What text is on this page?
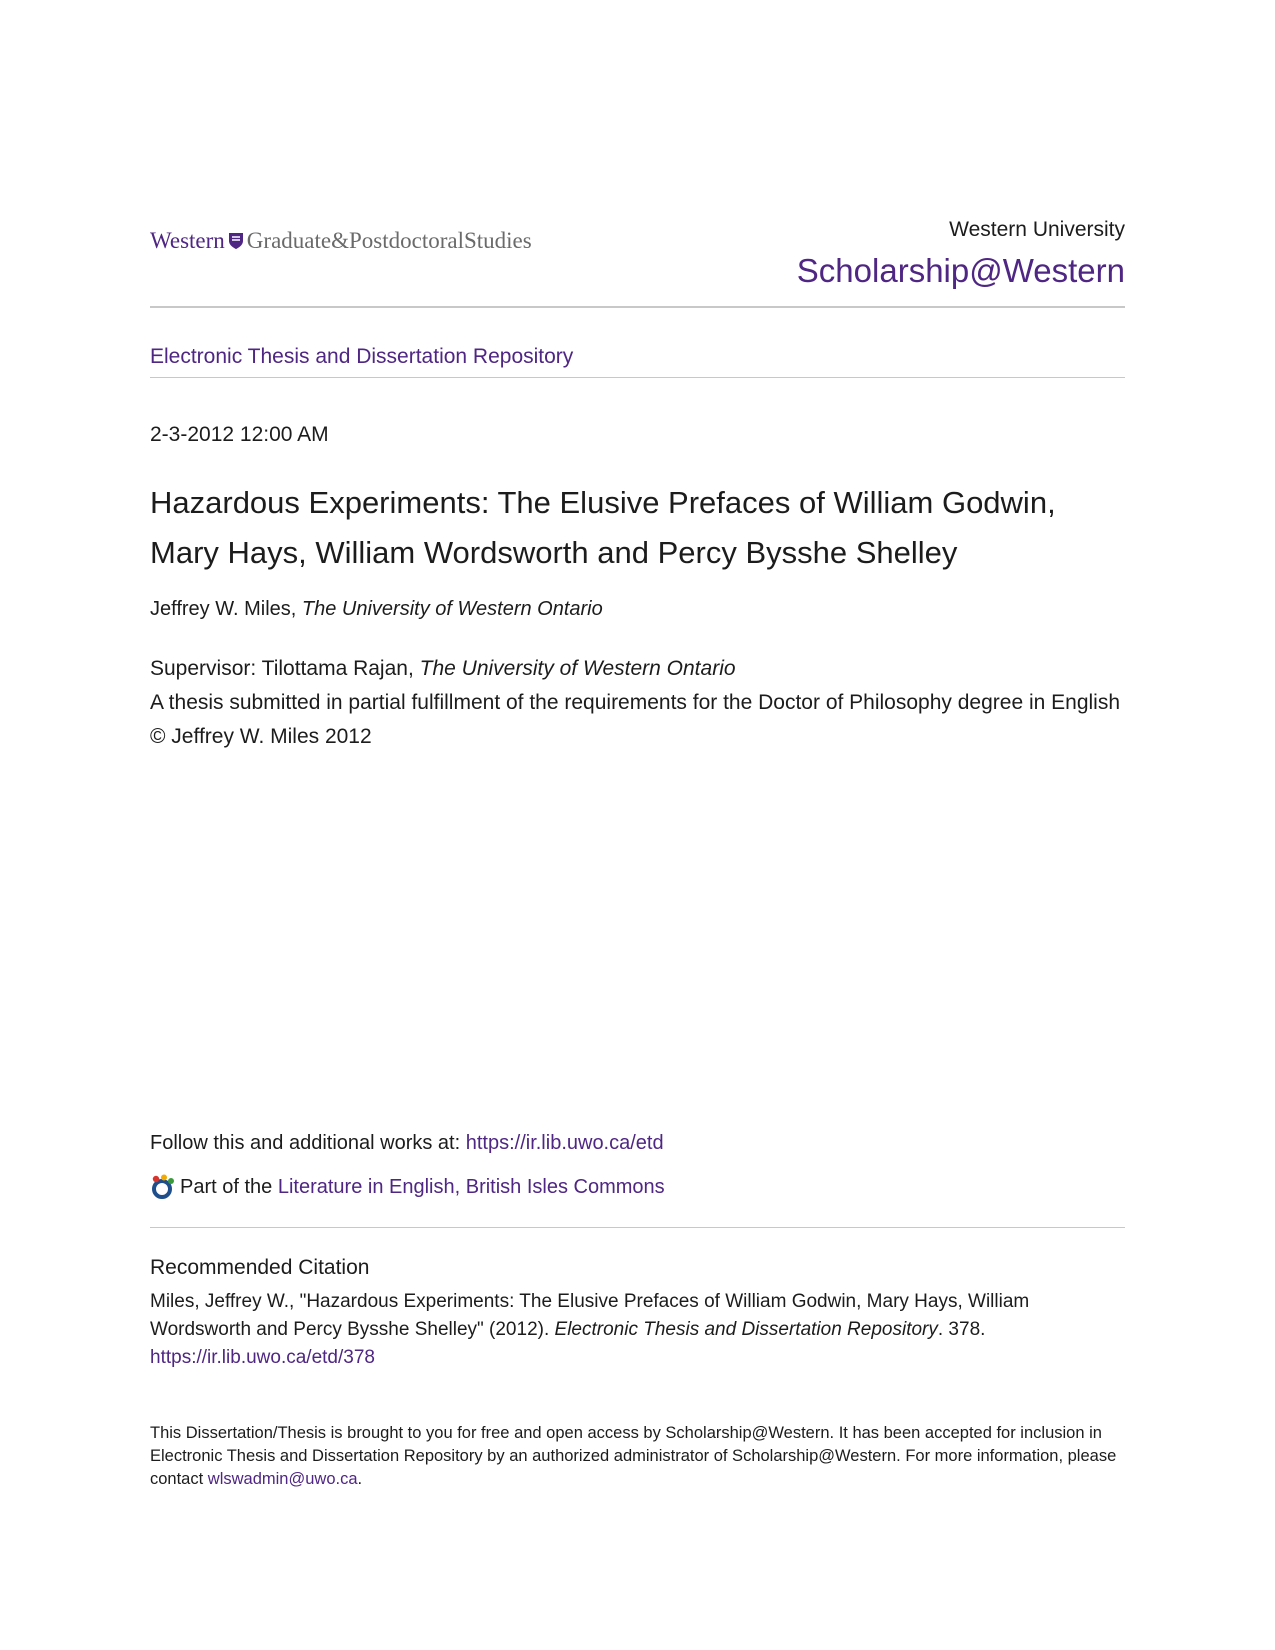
Western Graduate&PostdoctoralStudies	Western University
Scholarship@Western
Electronic Thesis and Dissertation Repository
2-3-2012 12:00 AM
Hazardous Experiments: The Elusive Prefaces of William Godwin, Mary Hays, William Wordsworth and Percy Bysshe Shelley
Jeffrey W. Miles, The University of Western Ontario
Supervisor: Tilottama Rajan, The University of Western Ontario
A thesis submitted in partial fulfillment of the requirements for the Doctor of Philosophy degree in English
© Jeffrey W. Miles 2012
Follow this and additional works at: https://ir.lib.uwo.ca/etd
Part of the
Literature in English, British Isles Commons
Recommended Citation
Miles, Jeffrey W., "Hazardous Experiments: The Elusive Prefaces of William Godwin, Mary Hays, William Wordsworth and Percy Bysshe Shelley" (2012). Electronic Thesis and Dissertation Repository. 378.
https://ir.lib.uwo.ca/etd/378
This Dissertation/Thesis is brought to you for free and open access by Scholarship@Western. It has been accepted for inclusion in Electronic Thesis and Dissertation Repository by an authorized administrator of Scholarship@Western. For more information, please contact wlswadmin@uwo.ca.
